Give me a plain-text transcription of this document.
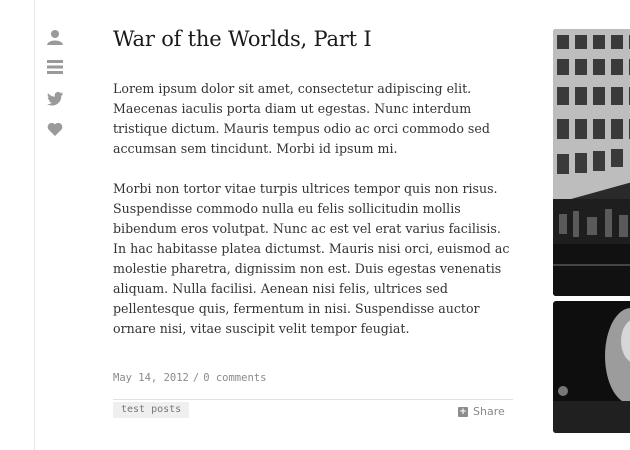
War of the Worlds, Part I

Lorem ipsum dolor sit amet, consectetur adipiscing elit. Maecenas iaculis porta diam ut egestas. Nunc interdum tristique dictum. Mauris tempus odio ac orci commodo sed accumsan sem tincidunt. Morbi id ipsum mi.

Morbi non tortor vitae turpis ultrices tempor quis non risus. Suspendisse commodo nulla eu felis sollicitudin mollis bibendum eros volutpat. Nunc ac est vel erat varius facilisis. In hac habitasse platea dictumst. Mauris nisi orci, euismod ac molestie pharetra, dignissim non est. Duis egestas venenatis aliquam. Nulla facilisi. Aenean nisi felis, ultrices sed pellentesque quis, fermentum in nisi. Suspendisse auctor ornare nisi, vitae suscipit velit tempor feugiat.

May 14, 2012 / 0 comments
test posts	+ Share
